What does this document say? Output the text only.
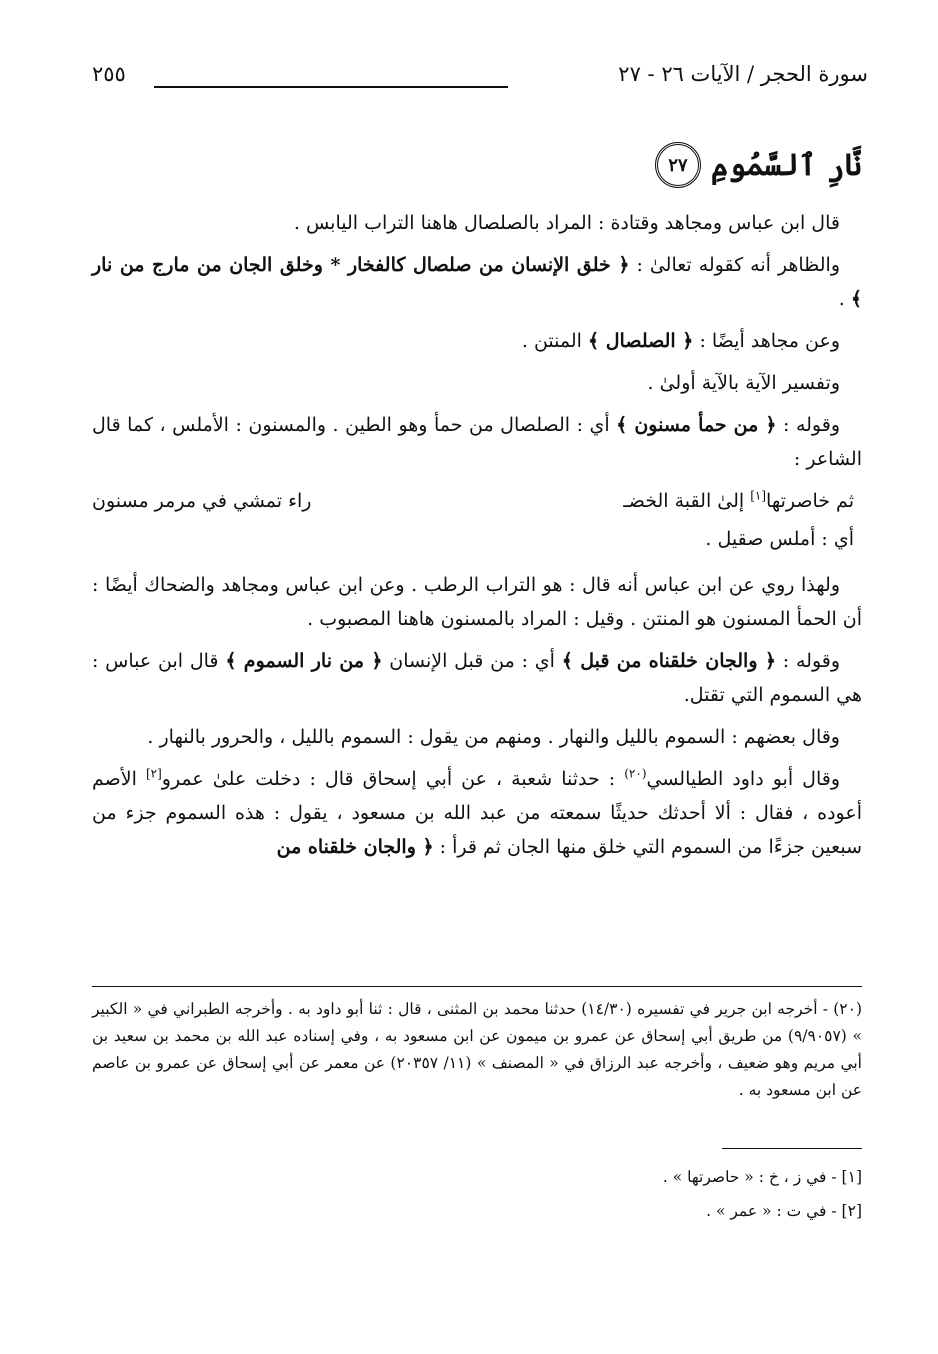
سورة الحجر / الآيات ٢٦ - ٢٧
٢٥٥
نَّارِ ٱلسَّمُومِ
٢٧

قال ابن عباس ومجاهد وقتادة : المراد بالصلصال هاهنا التراب اليابس .

والظاهر أنه كقوله تعالىٰ : ﴿ خلق الإنسان من صلصال كالفخار * وخلق الجان من مارج من نار ﴾ .

وعن مجاهد أيضًا : ﴿ الصلصال ﴾ المنتن .

وتفسير الآية بالآية أولىٰ .

وقوله : ﴿ من حمأ مسنون ﴾ أي : الصلصال من حمأ وهو الطين . والمسنون : الأملس ، كما قال الشاعر :

ثم خاصرتها[١] إلىٰ القبة الخضـ
راء تمشي في مرمر مسنون

أي : أملس صقيل .

ولهذا روي عن ابن عباس أنه قال : هو التراب الرطب . وعن ابن عباس ومجاهد والضحاك أيضًا : أن الحمأ المسنون هو المنتن . وقيل : المراد بالمسنون هاهنا المصبوب .

وقوله : ﴿ والجان خلقناه من قبل ﴾ أي : من قبل الإنسان ﴿ من نار السموم ﴾ قال ابن عباس : هي السموم التي تقتل.

وقال بعضهم : السموم بالليل والنهار . ومنهم من يقول : السموم بالليل ، والحرور بالنهار .

وقال أبو داود الطيالسي$^{(٢٠)}$ : حدثنا شعبة ، عن أبي إسحاق قال : دخلت علىٰ عمرو[٢] الأصم أعوده ، فقال : ألا أحدثك حديثًا سمعته من عبد الله بن مسعود ، يقول : هذه السموم جزء من سبعين جزءًا من السموم التي خلق منها الجان ثم قرأ : ﴿ والجان خلقناه من

(٢٠) - أخرجه ابن جرير في تفسيره (١٤/٣٠) حدثنا محمد بن المثنى ، قال : ثنا أبو داود به . وأخرجه الطبراني في « الكبير » (٩/٩٠٥٧) من طريق أبي إسحاق عن عمرو بن ميمون عن ابن مسعود به ، وفي إسناده عبد الله بن محمد بن سعيد بن أبي مريم وهو ضعيف ، وأخرجه عبد الرزاق في « المصنف » (١١/ ٢٠٣٥٧) عن معمر عن أبي إسحاق عن عمرو بن عاصم عن ابن مسعود به .
[١] - في ز ، خ : « حاصرتها » .
[٢] - في ت : « عمر » .
